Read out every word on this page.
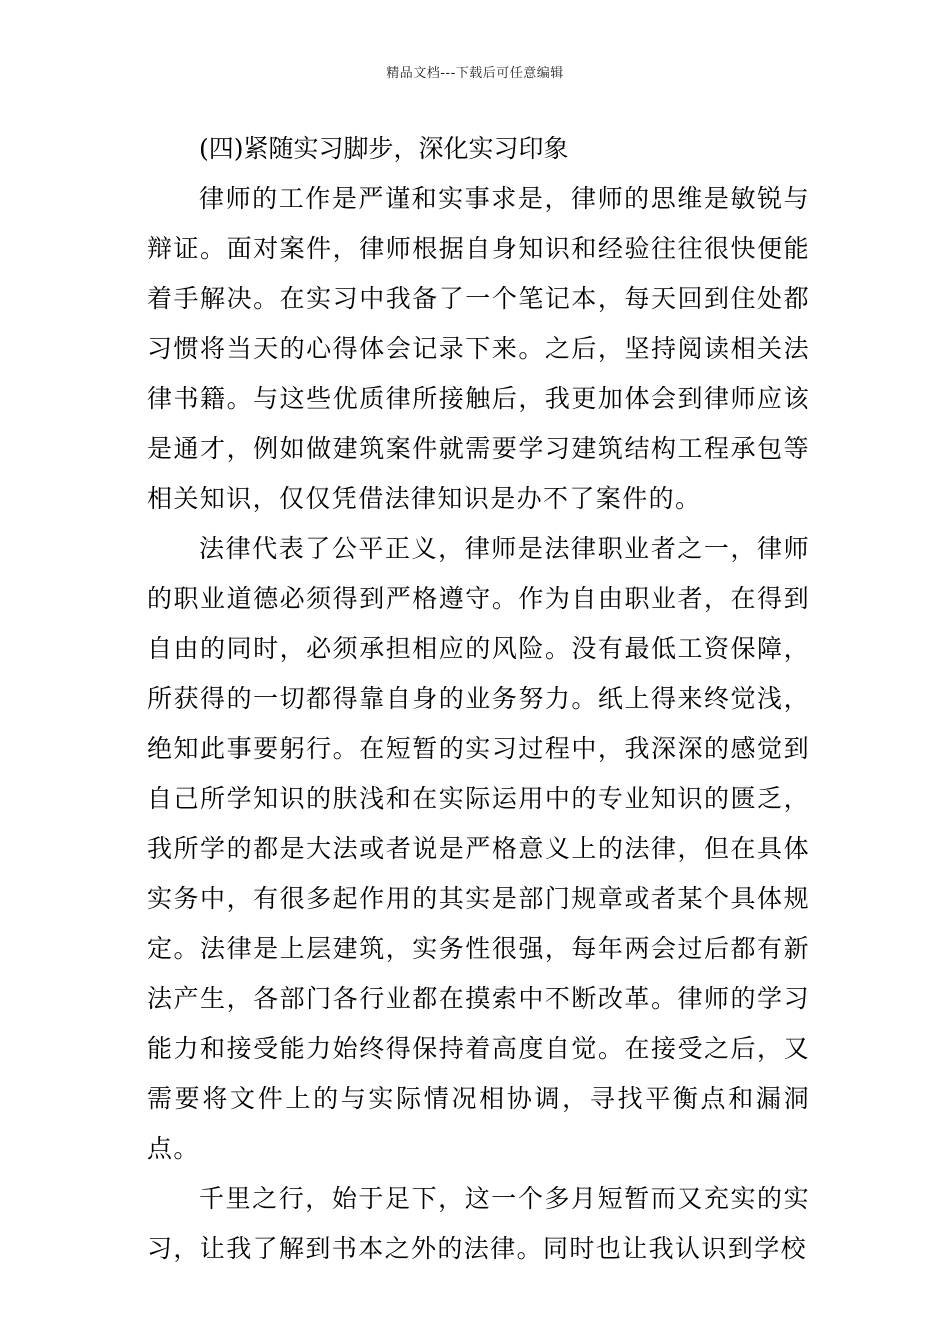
精品文档---下载后可任意编辑
(四)紧随实习脚步，深化实习印象

律师的工作是严谨和实事求是，律师的思维是敏锐与辩证。面对案件，律师根据自身知识和经验往往很快便能着手解决。在实习中我备了一个笔记本，每天回到住处都习惯将当天的心得体会记录下来。之后，坚持阅读相关法律书籍。与这些优质律所接触后，我更加体会到律师应该是通才，例如做建筑案件就需要学习建筑结构工程承包等相关知识，仅仅凭借法律知识是办不了案件的。

法律代表了公平正义，律师是法律职业者之一，律师的职业道德必须得到严格遵守。作为自由职业者，在得到自由的同时，必须承担相应的风险。没有最低工资保障，所获得的一切都得靠自身的业务努力。纸上得来终觉浅，绝知此事要躬行。在短暂的实习过程中，我深深的感觉到自己所学知识的肤浅和在实际运用中的专业知识的匮乏，我所学的都是大法或者说是严格意义上的法律，但在具体实务中，有很多起作用的其实是部门规章或者某个具体规定。法律是上层建筑，实务性很强，每年两会过后都有新法产生，各部门各行业都在摸索中不断改革。律师的学习能力和接受能力始终得保持着高度自觉。在接受之后，又需要将文件上的与实际情况相协调，寻找平衡点和漏洞点。

千里之行，始于足下，这一个多月短暂而又充实的实习，让我了解到书本之外的法律。同时也让我认识到学校
